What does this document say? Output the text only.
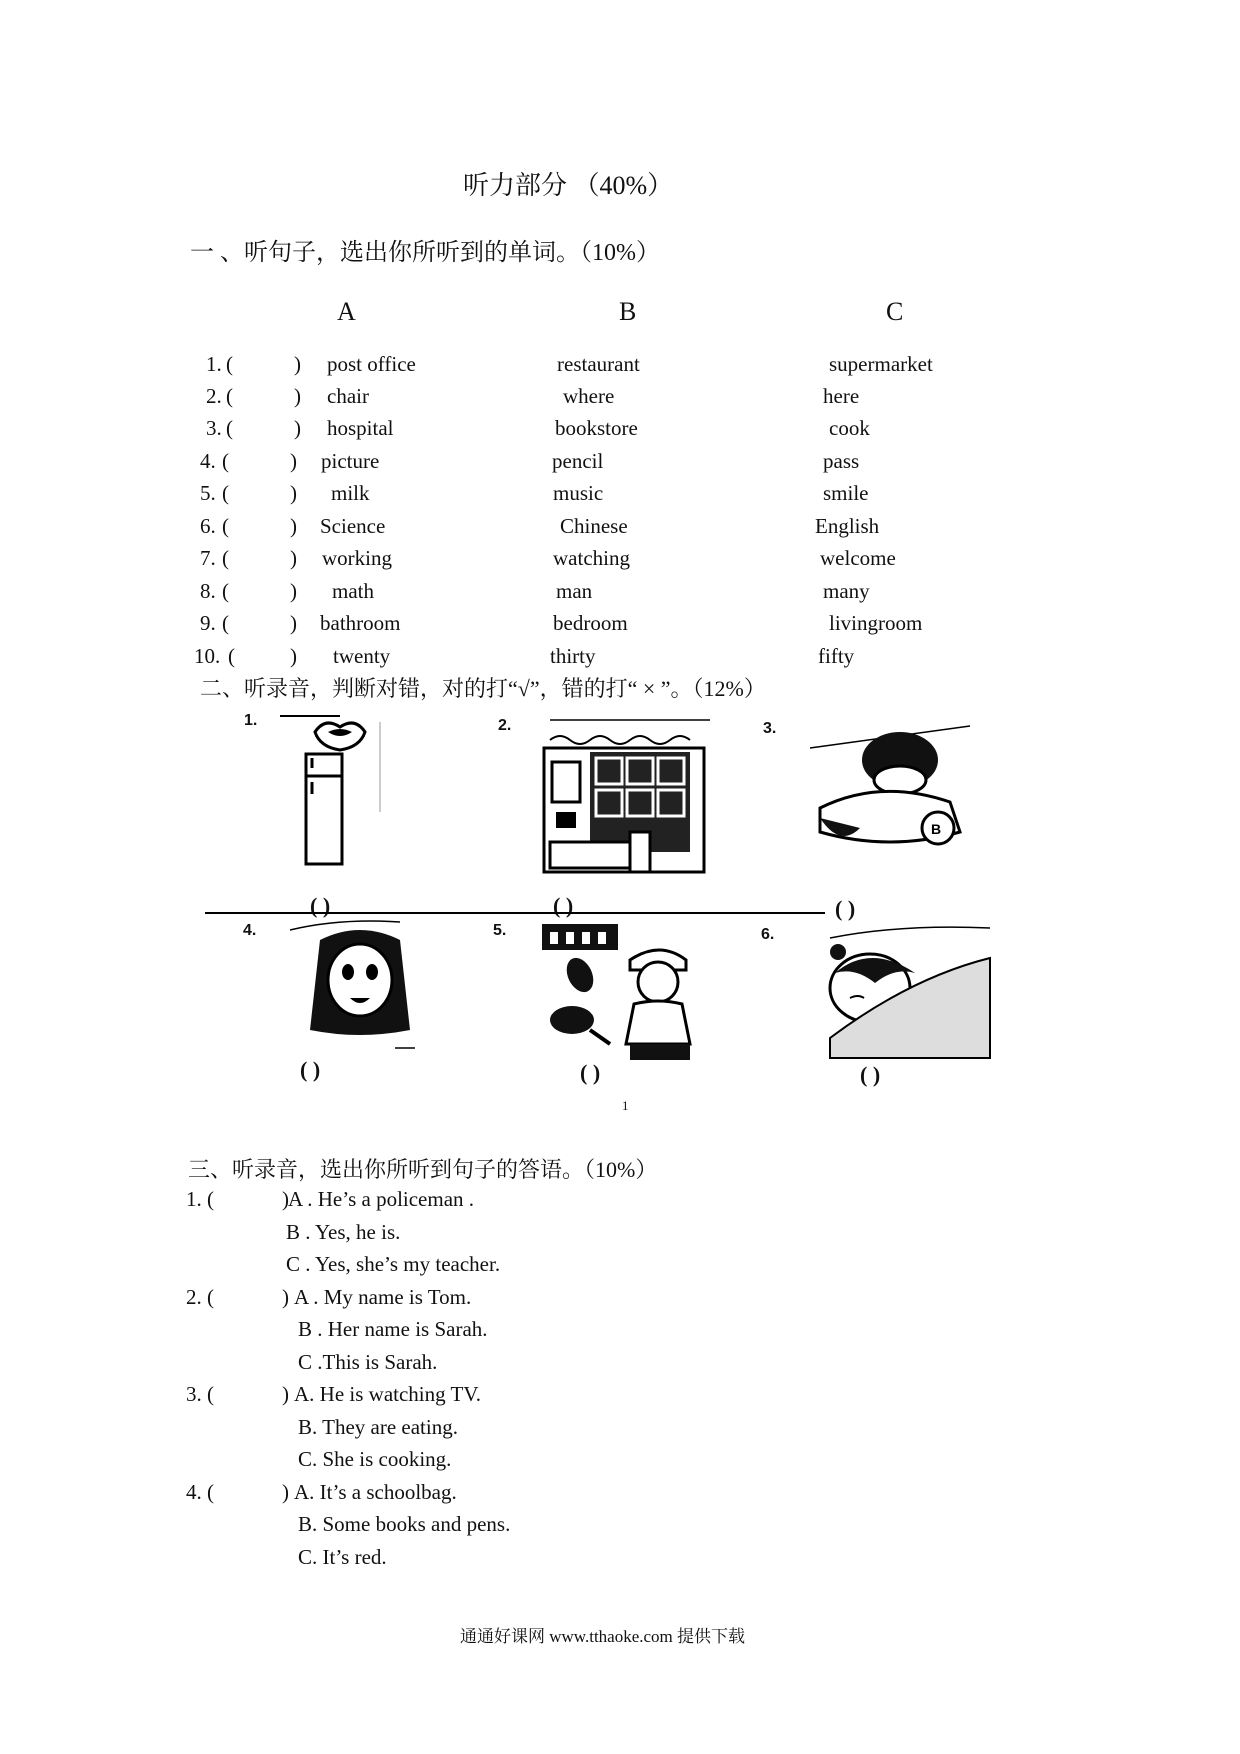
听力部分 （40%）
一 、听句子，选出你所听到的单词。（10%）
A	B	C
1. (	) post office	restaurant	supermarket
2. (	) chair	where	here
3. (	) hospital	bookstore	cook
4. (	) picture	pencil	pass
5. (	) milk	music	smile
6. (	) Science	Chinese	English
7. (	) working	watching	welcome
8. (	) math	man	many
9. (	) bathroom	bedroom	livingroom
10. (	) twenty	thirty	fifty
二、听录音，判断对错，对的打“√”，错的打“ × ”。（12%）
1.
( )
2.
( )
B
3.
( )
4.
( )
5.
( )
6.
( )
1
三、听录音，选出你所听到句子的答语。（10%）
1. (	) A . He’s a policeman .
B . Yes, he is.
C . Yes, she’s my teacher.
2. (	) A . My name is Tom.
B . Her name is Sarah.
C .This is Sarah.
3. (	) A. He is watching TV.
B. They are eating.
C. She is cooking.
4. (	) A. It’s a schoolbag.
B. Some books and pens.
C. It’s red.
通通好课网 www.tthaoke.com 提供下载
